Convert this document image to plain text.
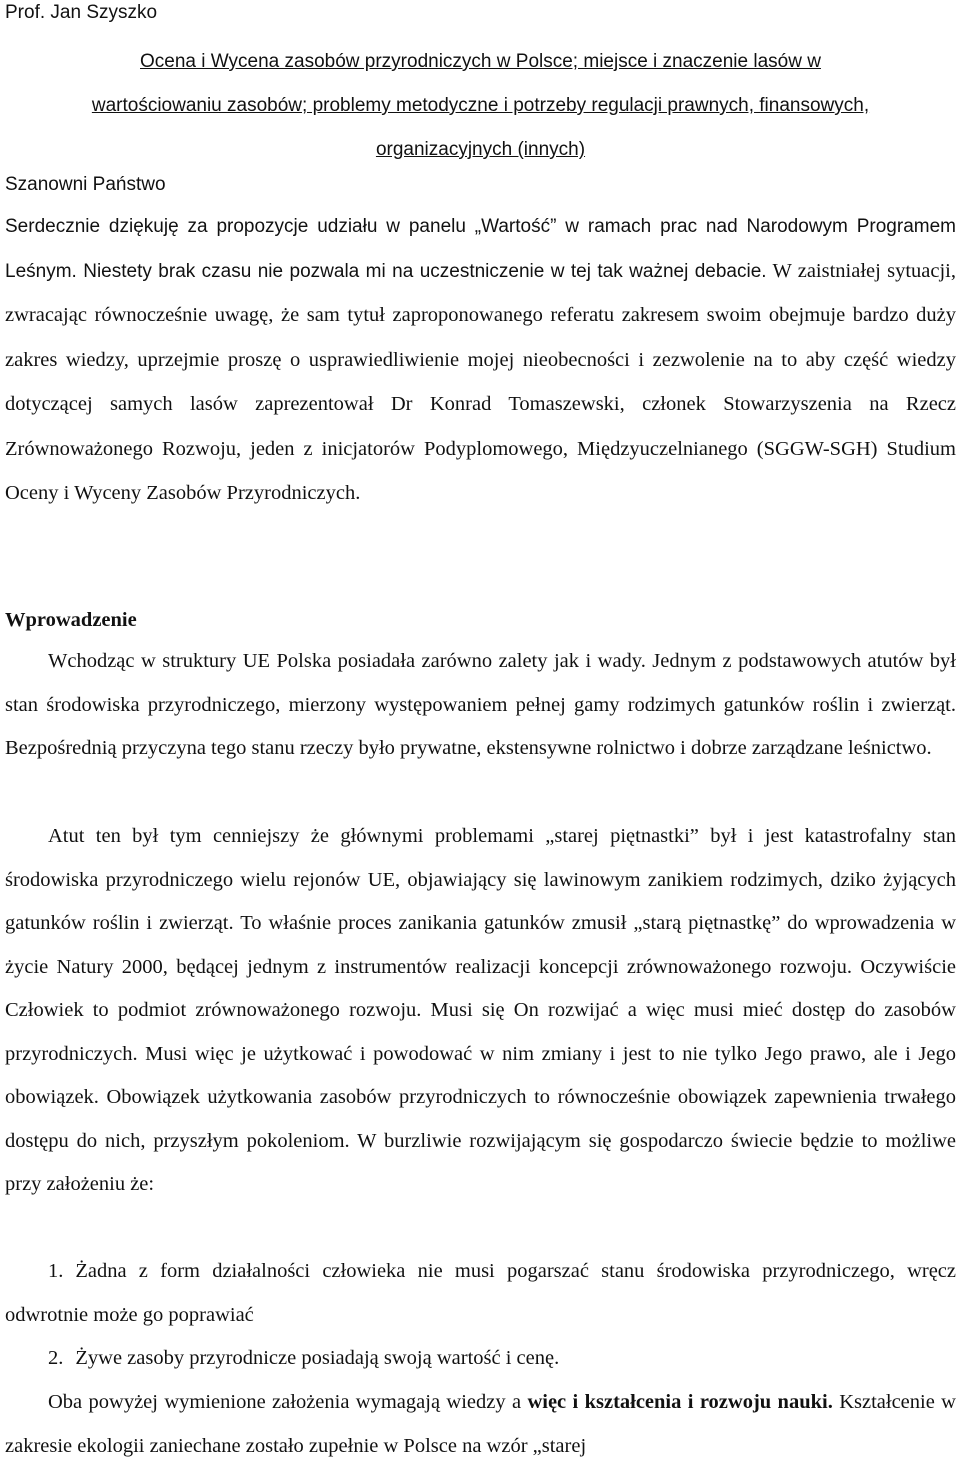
Prof. Jan Szyszko
Ocena i Wycena zasobów przyrodniczych w Polsce; miejsce i znaczenie lasów w
wartościowaniu zasobów; problemy metodyczne i potrzeby regulacji prawnych, finansowych,
organizacyjnych (innych)
Szanowni Państwo
Serdecznie dziękuję za propozycje udziału w panelu „Wartość” w ramach prac nad Narodowym Programem Leśnym. Niestety brak czasu nie pozwala mi na uczestniczenie w tej tak ważnej debacie. W zaistniałej sytuacji, zwracając równocześnie uwagę, że sam tytuł zaproponowanego referatu zakresem swoim obejmuje bardzo duży zakres wiedzy, uprzejmie proszę o usprawiedliwienie mojej nieobecności i zezwolenie na to aby część wiedzy dotyczącej samych lasów zaprezentował Dr Konrad Tomaszewski, członek Stowarzyszenia na Rzecz Zrównoważonego Rozwoju, jeden z inicjatorów Podyplomowego, Międzyuczelnianego (SGGW-SGH) Studium Oceny i Wyceny Zasobów Przyrodniczych.
Wprowadzenie
Wchodząc w struktury UE Polska posiadała zarówno zalety jak i wady. Jednym z podstawowych atutów był stan środowiska przyrodniczego, mierzony występowaniem pełnej gamy rodzimych gatunków roślin i zwierząt. Bezpośrednią przyczyna tego stanu rzeczy było prywatne, ekstensywne rolnictwo i dobrze zarządzane leśnictwo.
Atut ten był tym cenniejszy że głównymi problemami „starej piętnastki” był i jest katastrofalny stan środowiska przyrodniczego wielu rejonów UE, objawiający się lawinowym zanikiem rodzimych, dziko żyjących gatunków roślin i zwierząt. To właśnie proces zanikania gatunków zmusił „starą piętnastkę” do wprowadzenia w życie Natury 2000, będącej jednym z instrumentów realizacji koncepcji zrównoważonego rozwoju. Oczywiście Człowiek to podmiot zrównoważonego rozwoju. Musi się On rozwijać a więc musi mieć dostęp do zasobów przyrodniczych. Musi więc je użytkować i powodować w nim zmiany i jest to nie tylko Jego prawo, ale i Jego obowiązek. Obowiązek użytkowania zasobów przyrodniczych to równocześnie obowiązek zapewnienia trwałego dostępu do nich, przyszłym pokoleniom. W burzliwie rozwijającym się gospodarczo świecie będzie to możliwe przy założeniu że:
1. Żadna z form działalności człowieka nie musi pogarszać stanu środowiska przyrodniczego, wręcz odwrotnie może go poprawiać
2. Żywe zasoby przyrodnicze posiadają swoją wartość i cenę.
Oba powyżej wymienione założenia wymagają wiedzy a więc i kształcenia i rozwoju nauki. Kształcenie w zakresie ekologii zaniechane zostało zupełnie w Polsce na wzór „starej
